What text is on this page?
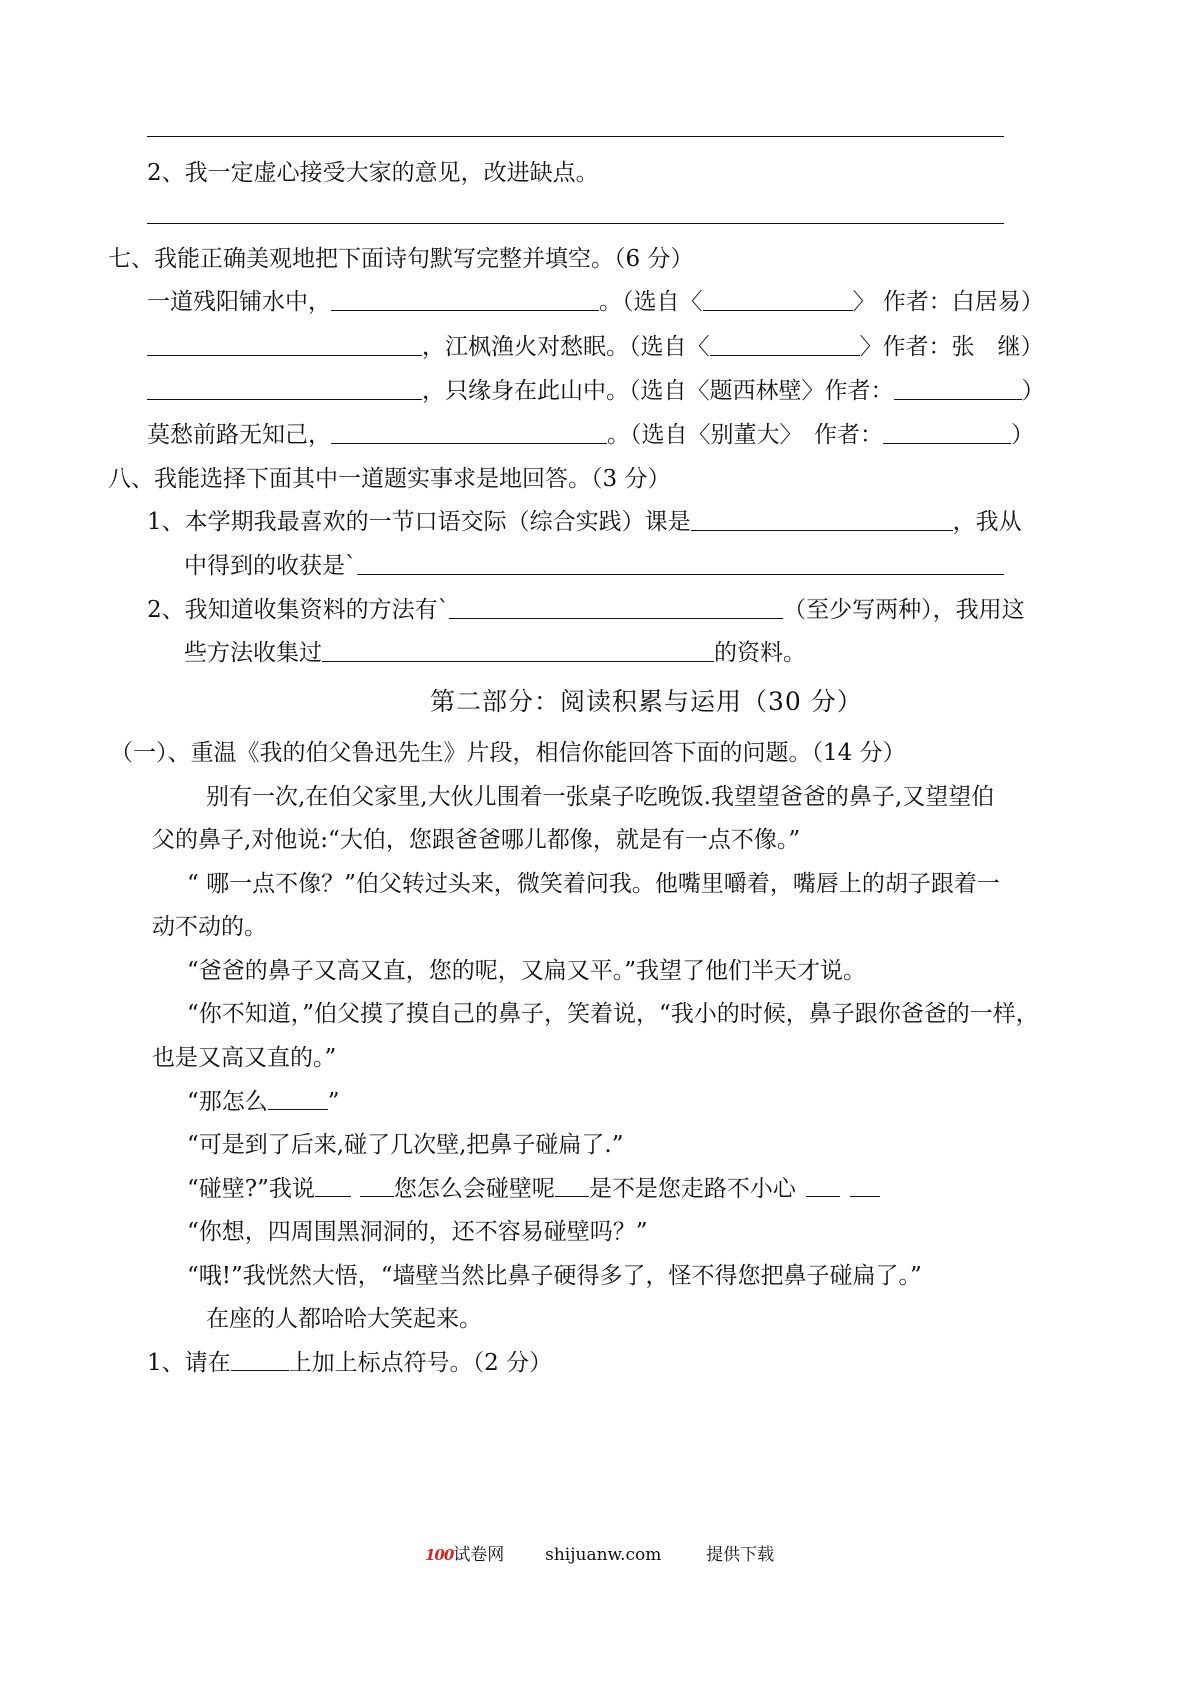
2、我一定虚心接受大家的意见，改进缺点。
七、我能正确美观地把下面诗句默写完整并填空。（6 分）
一道残阳铺水中，	。（选自〈	〉 作者：白居易）
，江枫渔火对愁眠。（选自〈	〉作者：张　继）
，只缘身在此山中。（选自〈题西林壁〉作者：	）
莫愁前路无知己，	。（选自〈别董大〉　作者：	）
八、我能选择下面其中一道题实事求是地回答。（3 分）
1、本学期我最喜欢的一节口语交际（综合实践）课是	，我从
中得到的收获是`
2、我知道收集资料的方法有`	（至少写两种），我用这
些方法收集过	的资料。
第二部分：阅读积累与运用（30 分）
（一）、重温《我的伯父鲁迅先生》片段，相信你能回答下面的问题。（14 分）
别有一次,在伯父家里,大伙儿围着一张桌子吃晚饭.我望望爸爸的鼻子,又望望伯
父的鼻子,对他说:“大伯，您跟爸爸哪儿都像，就是有一点不像。”
“ 哪一点不像？”伯父转过头来，微笑着问我。他嘴里嚼着，嘴唇上的胡子跟着一
动不动的。
“爸爸的鼻子又高又直，您的呢，又扁又平。”我望了他们半天才说。
“你不知道，”伯父摸了摸自己的鼻子，笑着说，“我小的时候，鼻子跟你爸爸的一样，
也是又高又直的。”
“那怎么	”
“可是到了后来,碰了几次壁,把鼻子碰扁了.”
“碰壁?”我说	您怎么会碰壁呢 是不是您走路不小心
“你想，四周围黑洞洞的，还不容易碰壁吗？”
“哦!”我恍然大悟，“墙壁当然比鼻子硬得多了，怪不得您把鼻子碰扁了。”
在座的人都哈哈大笑起来。
1、请在	上加上标点符号。（2 分）
100试卷网 shijuanw.com	提供下载
